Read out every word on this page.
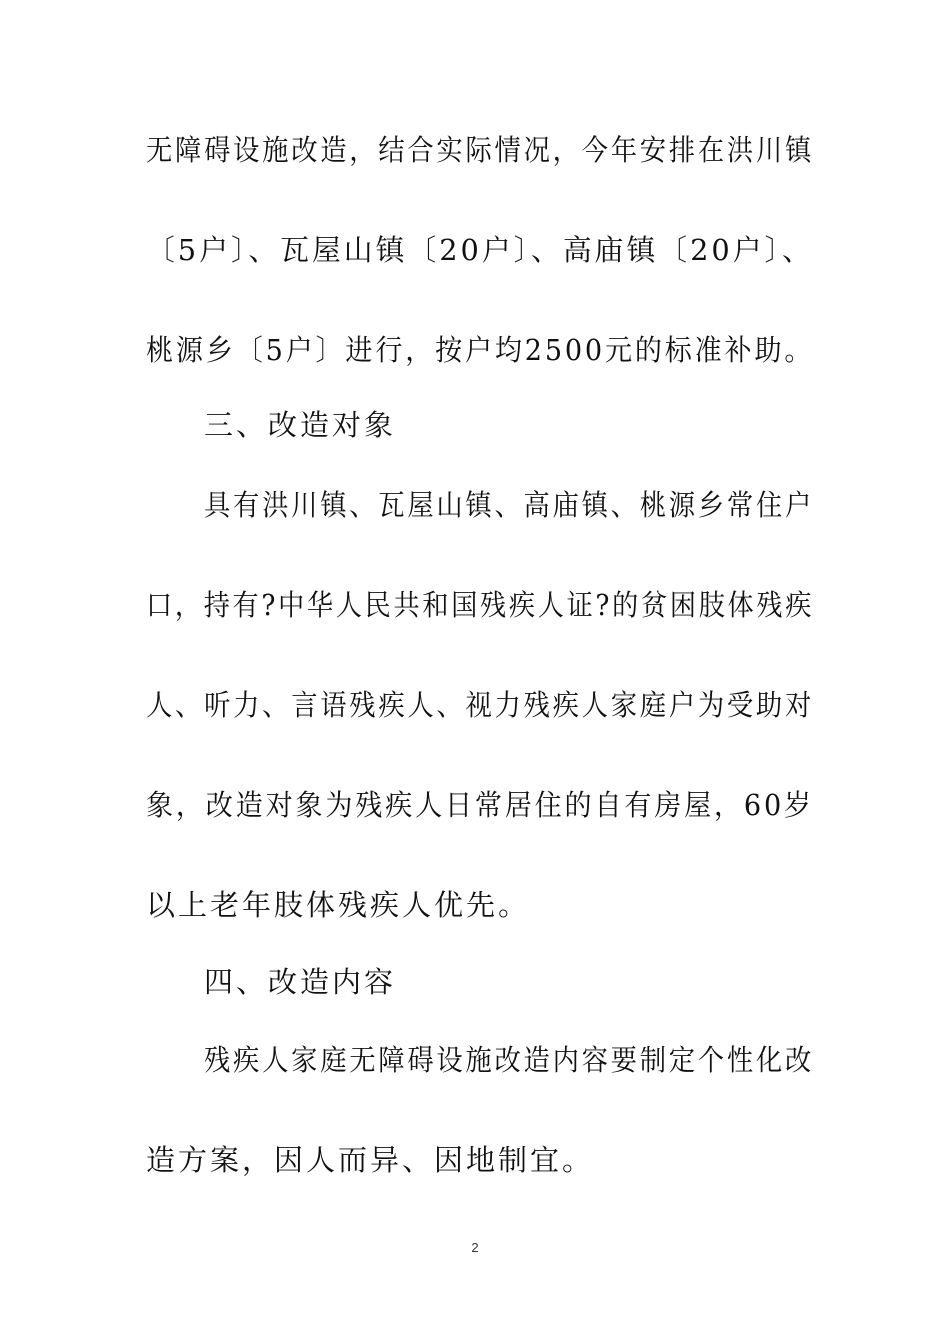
无障碍设施改造，结合实际情况，今年安排在洪川镇
〔5户〕、瓦屋山镇〔20户〕、高庙镇〔20户〕、
桃源乡〔5户〕进行，按户均2500元的标准补助。
三、改造对象
具有洪川镇、瓦屋山镇、高庙镇、桃源乡常住户
口，持有?中华人民共和国残疾人证?的贫困肢体残疾
人、听力、言语残疾人、视力残疾人家庭户为受助对
象，改造对象为残疾人日常居住的自有房屋，60岁
以上老年肢体残疾人优先。
四、改造内容
残疾人家庭无障碍设施改造内容要制定个性化改
造方案，因人而异、因地制宜。
2
